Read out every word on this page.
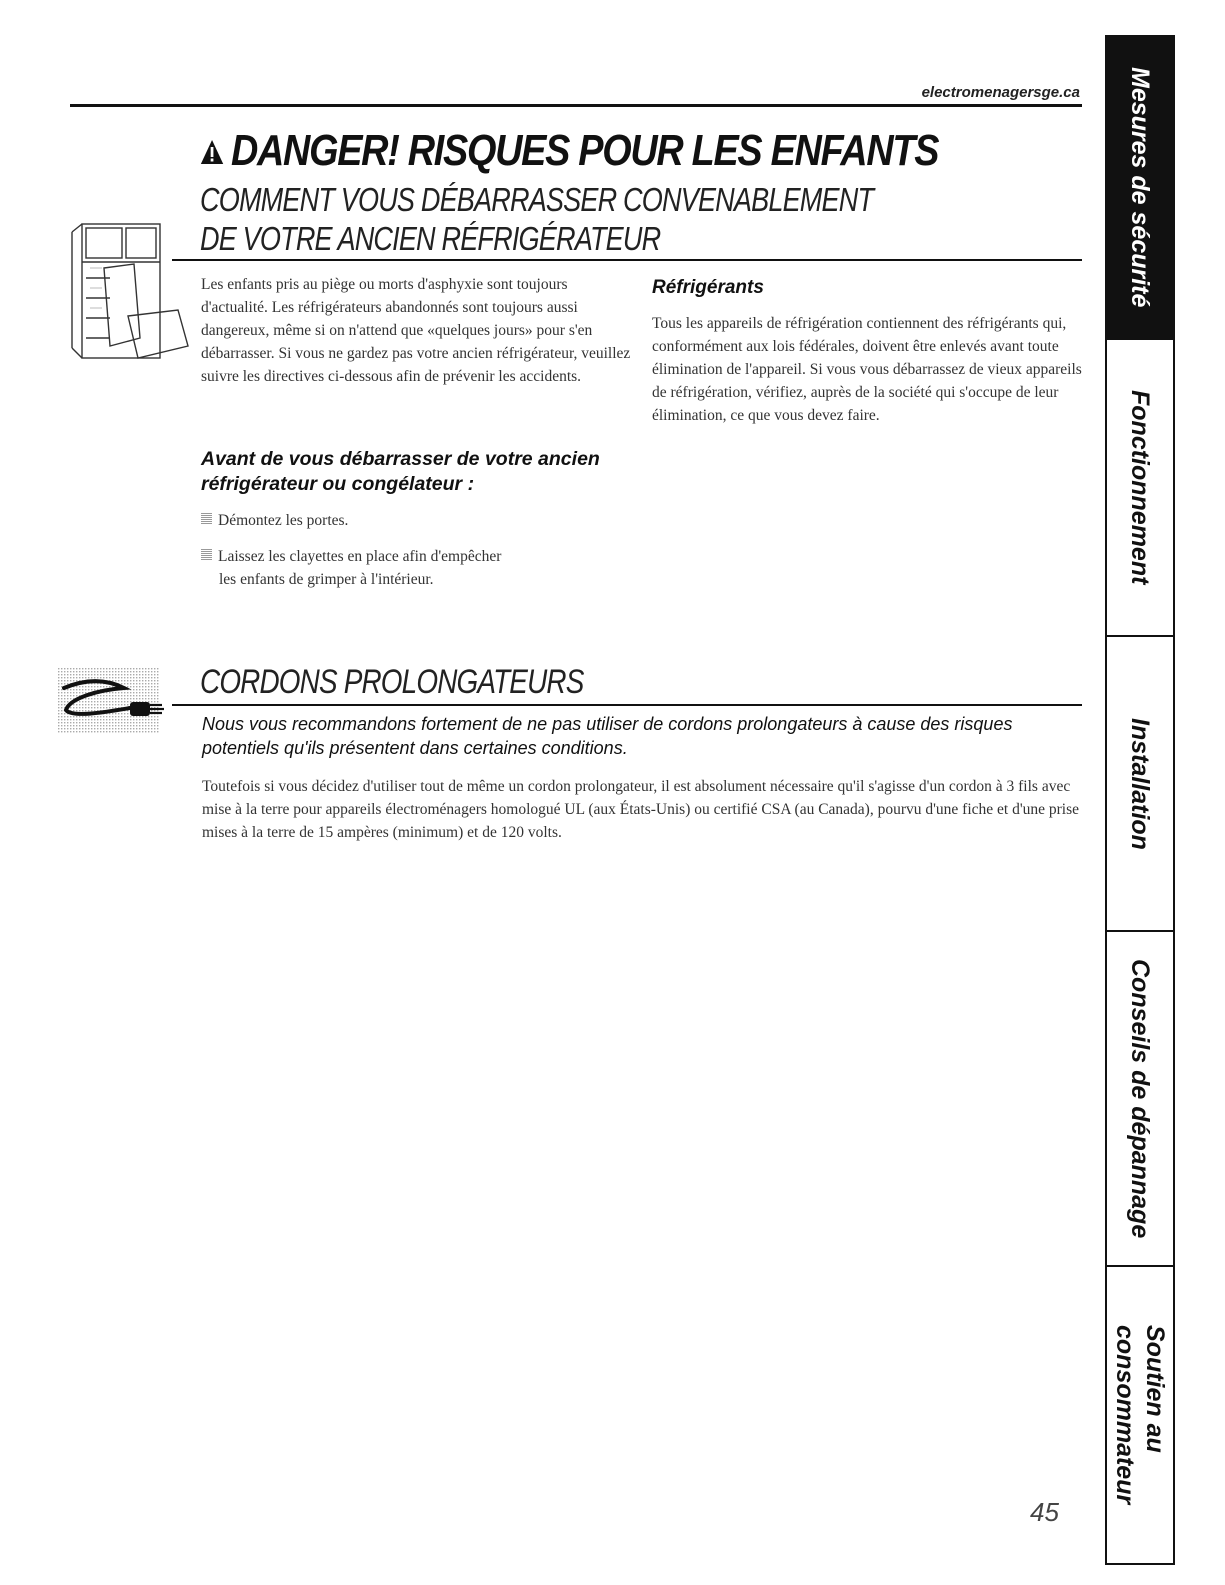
electromenagersge.ca
DANGER! RISQUES POUR LES ENFANTS
COMMENT VOUS DÉBARRASSER CONVENABLEMENT
DE VOTRE ANCIEN RÉFRIGÉRATEUR
Les enfants pris au piège ou morts d'asphyxie sont toujours d'actualité. Les réfrigérateurs abandonnés sont toujours aussi dangereux, même si on n'attend que «quelques jours» pour s'en débarrasser. Si vous ne gardez pas votre ancien réfrigérateur, veuillez suivre les directives ci-dessous afin de prévenir les accidents.
Avant de vous débarrasser de votre ancien réfrigérateur ou congélateur :
Démontez les portes.
Laissez les clayettes en place afin d'empêcher
les enfants de grimper à l'intérieur.
Réfrigérants
Tous les appareils de réfrigération contiennent des réfrigérants qui, conformément aux lois fédérales, doivent être enlevés avant toute élimination de l'appareil. Si vous vous débarrassez de vieux appareils de réfrigération, vérifiez, auprès de la société qui s'occupe de leur élimination, ce que vous devez faire.
CORDONS PROLONGATEURS
Nous vous recommandons fortement de ne pas utiliser de cordons prolongateurs à cause des risques potentiels qu'ils présentent dans certaines conditions.
Toutefois si vous décidez d'utiliser tout de même un cordon prolongateur, il est absolument nécessaire qu'il s'agisse d'un cordon à 3 fils avec mise à la terre pour appareils électroménagers homologué UL (aux États-Unis) ou certifié CSA (au Canada), pourvu d'une fiche et d'une prise mises à la terre de 15 ampères (minimum) et de 120 volts.
45
Mesures de sécurité
Fonctionnement
Installation
Conseils de dépannage
Soutien au
consommateur
